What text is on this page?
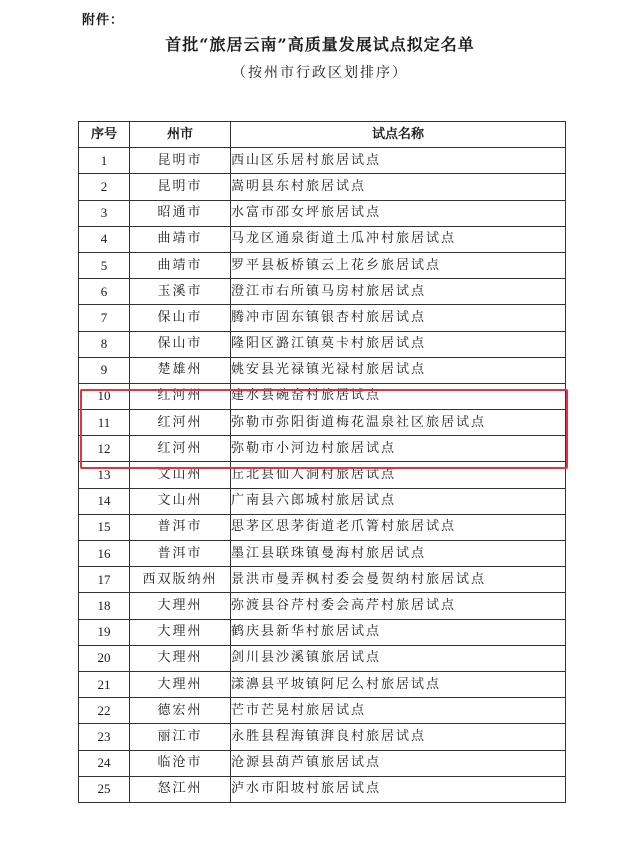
附件：
首批“旅居云南”高质量发展试点拟定名单
（按州市行政区划排序）
序号	州市	试点名称
1	昆明市	西山区乐居村旅居试点
2	昆明市	嵩明县东村旅居试点
3	昭通市	水富市邵女坪旅居试点
4	曲靖市	马龙区通泉街道土瓜冲村旅居试点
5	曲靖市	罗平县板桥镇云上花乡旅居试点
6	玉溪市	澄江市右所镇马房村旅居试点
7	保山市	腾冲市固东镇银杏村旅居试点
8	保山市	隆阳区潞江镇莫卡村旅居试点
9	楚雄州	姚安县光禄镇光禄村旅居试点
10	红河州	建水县碗窑村旅居试点
11	红河州	弥勒市弥阳街道梅花温泉社区旅居试点
12	红河州	弥勒市小河边村旅居试点
13	文山州	丘北县仙人洞村旅居试点
14	文山州	广南县六郎城村旅居试点
15	普洱市	思茅区思茅街道老爪箐村旅居试点
16	普洱市	墨江县联珠镇曼海村旅居试点
17	西双版纳州	景洪市曼弄枫村委会曼贺纳村旅居试点
18	大理州	弥渡县谷芹村委会高芹村旅居试点
19	大理州	鹤庆县新华村旅居试点
20	大理州	剑川县沙溪镇旅居试点
21	大理州	漾濞县平坡镇阿尼么村旅居试点
22	德宏州	芒市芒晃村旅居试点
23	丽江市	永胜县程海镇湃良村旅居试点
24	临沧市	沧源县葫芦镇旅居试点
25	怒江州	泸水市阳坡村旅居试点
